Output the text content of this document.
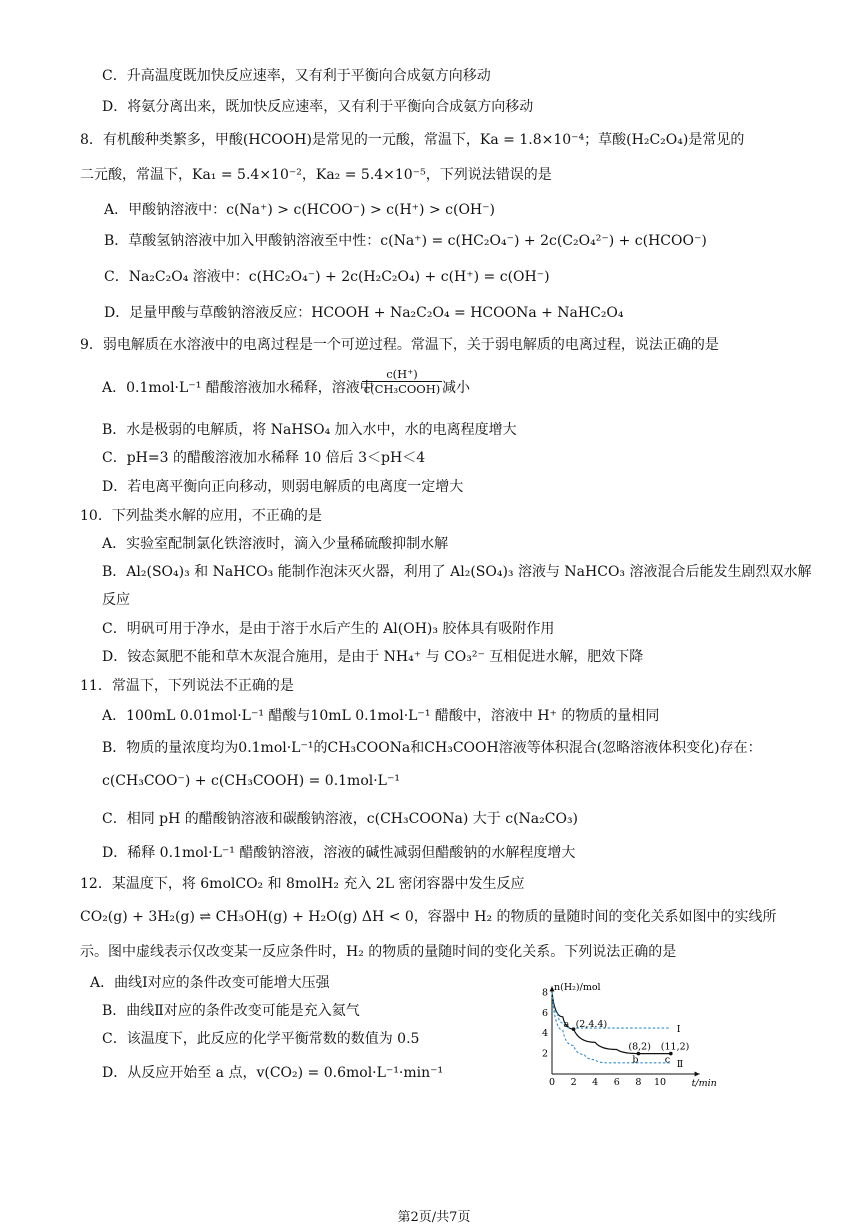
C．升高温度既加快反应速率，又有利于平衡向合成氨方向移动
D．将氨分离出来，既加快反应速率，又有利于平衡向合成氨方向移动
8．有机酸种类繁多，甲酸(HCOOH)是常见的一元酸，常温下，Ka = 1.8×10⁻⁴；草酸(H₂C₂O₄)是常见的
二元酸，常温下，Ka₁ = 5.4×10⁻²，Ka₂ = 5.4×10⁻⁵，下列说法错误的是
A．甲酸钠溶液中：c(Na⁺) > c(HCOO⁻) > c(H⁺) > c(OH⁻)
B．草酸氢钠溶液中加入甲酸钠溶液至中性：c(Na⁺) = c(HC₂O₄⁻) + 2c(C₂O₄²⁻) + c(HCOO⁻)
C．Na₂C₂O₄ 溶液中：c(HC₂O₄⁻) + 2c(H₂C₂O₄) + c(H⁺) = c(OH⁻)
D．足量甲酸与草酸钠溶液反应：HCOOH + Na₂C₂O₄ = HCOONa + NaHC₂O₄
9．弱电解质在水溶液中的电离过程是一个可逆过程。常温下，关于弱电解质的电离过程，说法正确的是
A．0.1mol·L⁻¹ 醋酸溶液加水稀释，溶液中	减小
B．水是极弱的电解质，将 NaHSO₄ 加入水中，水的电离程度增大
C．pH=3 的醋酸溶液加水稀释 10 倍后 3＜pH＜4
D．若电离平衡向正向移动，则弱电解质的电离度一定增大
10．下列盐类水解的应用，不正确的是
A．实验室配制氯化铁溶液时，滴入少量稀硫酸抑制水解
B．Al₂(SO₄)₃ 和 NaHCO₃ 能制作泡沫灭火器，利用了 Al₂(SO₄)₃ 溶液与 NaHCO₃ 溶液混合后能发生剧烈双水解
反应
C．明矾可用于净水，是由于溶于水后产生的 Al(OH)₃ 胶体具有吸附作用
D．铵态氮肥不能和草木灰混合施用，是由于 NH₄⁺ 与 CO₃²⁻ 互相促进水解，肥效下降
11．常温下，下列说法不正确的是
A．100mL 0.01mol·L⁻¹ 醋酸与10mL 0.1mol·L⁻¹ 醋酸中，溶液中 H⁺ 的物质的量相同
B．物质的量浓度均为0.1mol·L⁻¹的CH₃COONa和CH₃COOH溶液等体积混合(忽略溶液体积变化)存在：
c(CH₃COO⁻) + c(CH₃COOH) = 0.1mol·L⁻¹
C．相同 pH 的醋酸钠溶液和碳酸钠溶液，c(CH₃COONa) 大于 c(Na₂CO₃)
D．稀释 0.1mol·L⁻¹ 醋酸钠溶液，溶液的碱性减弱但醋酸钠的水解程度增大
12．某温度下，将 6molCO₂ 和 8molH₂ 充入 2L 密闭容器中发生反应
CO₂(g) + 3H₂(g) ⇌ CH₃OH(g) + H₂O(g) ΔH < 0，容器中 H₂ 的物质的量随时间的变化关系如图中的实线所
示。图中虚线表示仅改变某一反应条件时，H₂ 的物质的量随时间的变化关系。下列说法正确的是
A．曲线Ⅰ对应的条件改变可能增大压强
B．曲线Ⅱ对应的条件改变可能是充入氦气
C．该温度下，此反应的化学平衡常数的数值为 0.5
D．从反应开始至 a 点，v(CO₂) = 0.6mol·L⁻¹·min⁻¹
c(H⁺)
c(CH₃COOH)
0 2 4 6 8 10
2
4
6
8
t/min
n(H₂)/mol
Ⅰ
Ⅱ
a (2,4.4)
b
(8,2)
c
(11,2)
第2页/共7页
